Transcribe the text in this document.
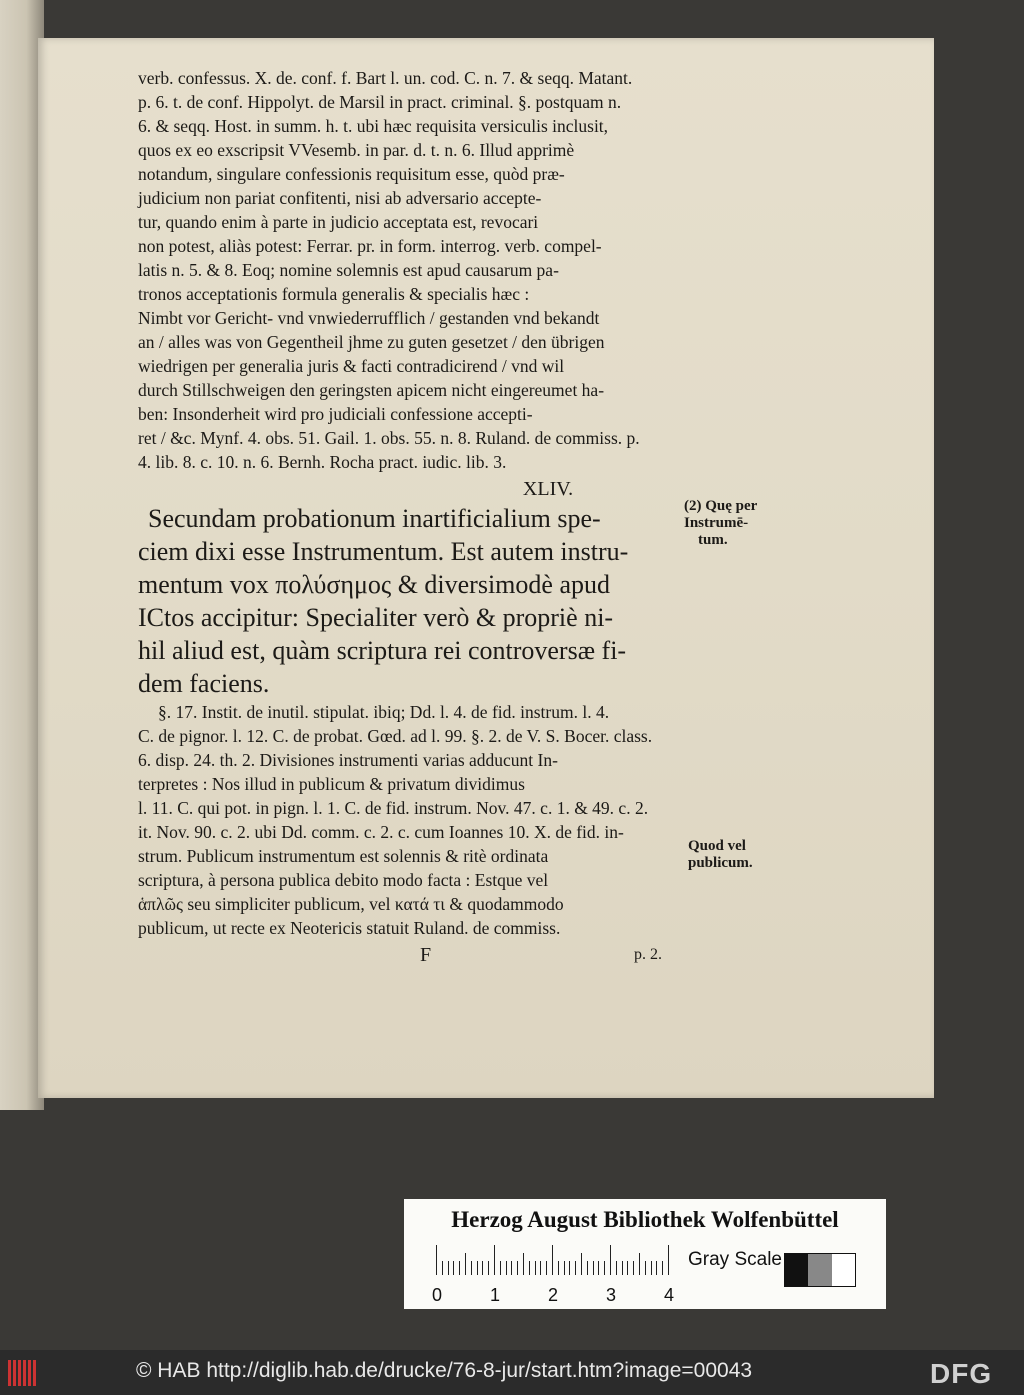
verb. confessus. X. de. conf. f. Bart l. un. cod. C. n. 7. & seqq. Matant.
p. 6. t. de conf. Hippolyt. de Marsil in pract. criminal. §. postquam n.
6. & seqq. Host. in summ. h. t. ubi hæc requisita versiculis inclusit,
quos ex eo exscripsit VVesemb. in par. d. t. n. 6. Illud apprimè
notandum, singulare confessionis requisitum esse, quòd præ-
judicium non pariat confitenti, nisi ab adversario accepte-
tur, quando enim à parte in judicio acceptata est, revocari
non potest, aliàs potest: Ferrar. pr. in form. interrog. verb. compel-
latis n. 5. & 8. Eoq; nomine solemnis est apud causarum pa-
tronos acceptationis formula generalis & specialis hæc :
Nimbt vor Gericht- vnd vnwiederrufflich / gestanden vnd bekandt
an / alles was von Gegentheil jhme zu guten gesetzet / den übrigen
wiedrigen per generalia juris & facti contradicirend / vnd wil
durch Stillschweigen den geringsten apicem nicht eingereumet ha-
ben: Insonderheit wird pro judiciali confessione accepti-
ret / &c. Mynf. 4. obs. 51. Gail. 1. obs. 55. n. 8. Ruland. de commiss. p.
4. lib. 8. c. 10. n. 6. Bernh. Rocha pract. iudic. lib. 3.
XLIV.
Secundam probationum inartificialium spe-
ciem dixi esse Instrumentum. Est autem instru-
mentum vox πολύσημος & diversimodè apud
ICtos accipitur: Specialiter verò & propriè ni-
hil aliud est, quàm scriptura rei controversæ fi-
dem faciens.
§. 17. Instit. de inutil. stipulat. ibiq; Dd. l. 4. de fid. instrum. l. 4.
C. de pignor. l. 12. C. de probat. Gœd. ad l. 99. §. 2. de V. S. Bocer. class.
6. disp. 24. th. 2. Divisiones instrumenti varias adducunt In-
terpretes : Nos illud in publicum & privatum dividimus
l. 11. C. qui pot. in pign. l. 1. C. de fid. instrum. Nov. 47. c. 1. & 49. c. 2.
it. Nov. 90. c. 2. ubi Dd. comm. c. 2. c. cum Ioannes 10. X. de fid. in-
strum. Publicum instrumentum est solennis & ritè ordinata
scriptura, à persona publica debito modo facta : Estque vel
ἁπλῶς seu simpliciter publicum, vel κατά τι & quodammodo
publicum, ut recte ex Neotericis statuit Ruland. de commiss.
F	p. 2.
(2) Quę per
Instrumē-
tum.
Quod vel
publicum.
Herzog August Bibliothek Wolfenbüttel
0	1	2	3	4
Gray Scale
© HAB http://diglib.hab.de/drucke/76-8-jur/start.htm?image=00043	DFG
